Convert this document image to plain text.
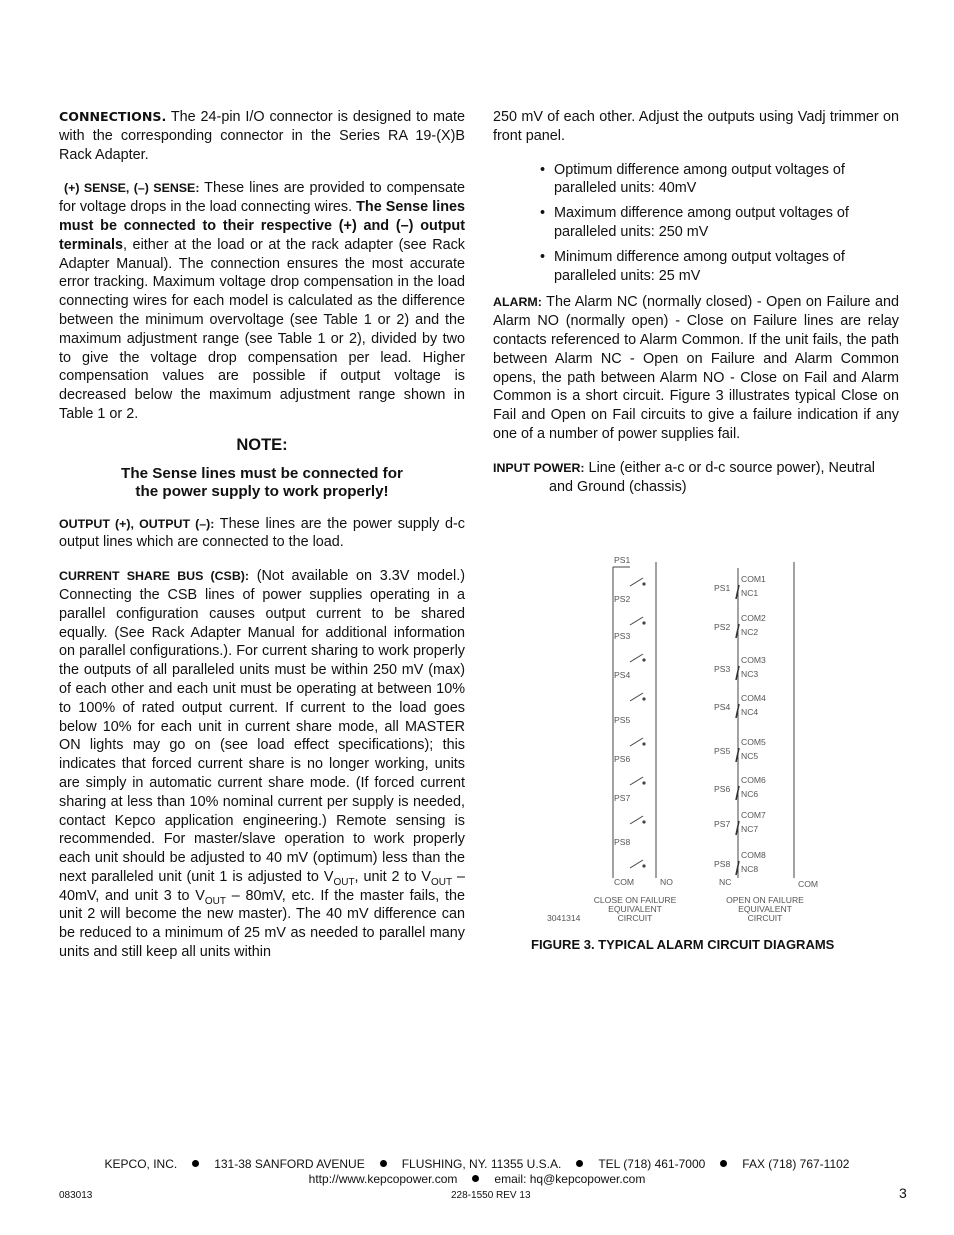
CONNECTIONS. The 24-pin I/O connector is designed to mate with the corresponding connector in the Series RA 19-(X)B Rack Adapter.

(+) SENSE, (–) SENSE: These lines are provided to compensate for voltage drops in the load connecting wires. The Sense lines must be connected to their respective (+) and (–) output terminals, either at the load or at the rack adapter (see Rack Adapter Manual). The connection ensures the most accurate error tracking. Maximum voltage drop compensation in the load connecting wires for each model is calculated as the difference between the minimum overvoltage (see Table 1 or 2) and the maximum adjustment range (see Table 1 or 2), divided by two to give the voltage drop compensation per lead. Higher compensation values are possible if output voltage is decreased below the maximum adjustment range shown in Table 1 or 2.

NOTE:
The Sense lines must be connected for
the power supply to work properly!

OUTPUT (+), OUTPUT (–): These lines are the power supply d-c output lines which are connected to the load.

CURRENT SHARE BUS (CSB): (Not available on 3.3V model.) Connecting the CSB lines of power supplies operating in a parallel configuration causes output current to be shared equally. (See Rack Adapter Manual for additional information on parallel configurations.). For current sharing to work properly the outputs of all paralleled units must be within 250 mV (max) of each other and each unit must be operating at between 10% to 100% of rated output current. If current to the load goes below 10% for each unit in current share mode, all MASTER ON lights may go on (see load effect specifications); this indicates that forced current share is no longer working, units are simply in automatic current share mode. (If forced current sharing at less than 10% nominal current per supply is needed, contact Kepco application engineering.) Remote sensing is recommended. For master/slave operation to work properly each unit should be adjusted to 40 mV (optimum) less than the next paralleled unit (unit 1 is adjusted to $V_{OUT}$, unit 2 to $V_{OUT} - 40mV$, and unit 3 to $V_{OUT} - 80mV$, etc. If the master fails, the unit 2 will become the new master). The 40 mV difference can be reduced to a minimum of 25 mV as needed to parallel many units and still keep all units within

250 mV of each other. Adjust the outputs using Vadj trimmer on front panel.

• Optimum difference among output voltages of paralleled units: 40mV
• Maximum difference among output voltages of paralleled units: 250 mV
• Minimum difference among output voltages of paralleled units: 25 mV

ALARM: The Alarm NC (normally closed) - Open on Failure and Alarm NO (normally open) - Close on Failure lines are relay contacts referenced to Alarm Common. If the unit fails, the path between Alarm NC - Open on Failure and Alarm Common opens, the path between Alarm NO - Close on Fail and Alarm Common is a short circuit. Figure 3 illustrates typical Close on Fail and Open on Fail circuits to give a failure indication if any one of a number of power supplies fail.

INPUT POWER: Line (either a-c or d-c source power), Neutral and Ground (chassis)

PS1
PS2
PS3
PS4
PS5
PS6
PS7
PS8
COM	NO
PS1
COM1
NC1
PS2
COM2
NC2
PS3
COM3
NC3
PS4
COM4
NC4
PS5
COM5
NC5
PS6
COM6
NC6
PS7
COM7
NC7
PS8
COM8
NC8
NC	COM
CLOSE ON FAILURE
EQUIVALENT
CIRCUIT
OPEN ON FAILURE
EQUIVALENT
CIRCUIT
3041314
FIGURE 3. TYPICAL ALARM CIRCUIT DIAGRAMS
KEPCO, INC.	131-38 SANFORD AVENUE	FLUSHING, NY. 11355 U.S.A.	TEL (718) 461-7000	FAX (718) 767-1102
http://www.kepcopower.com	email: hq@kepcopower.com
083013	228-1550 REV 13	3
